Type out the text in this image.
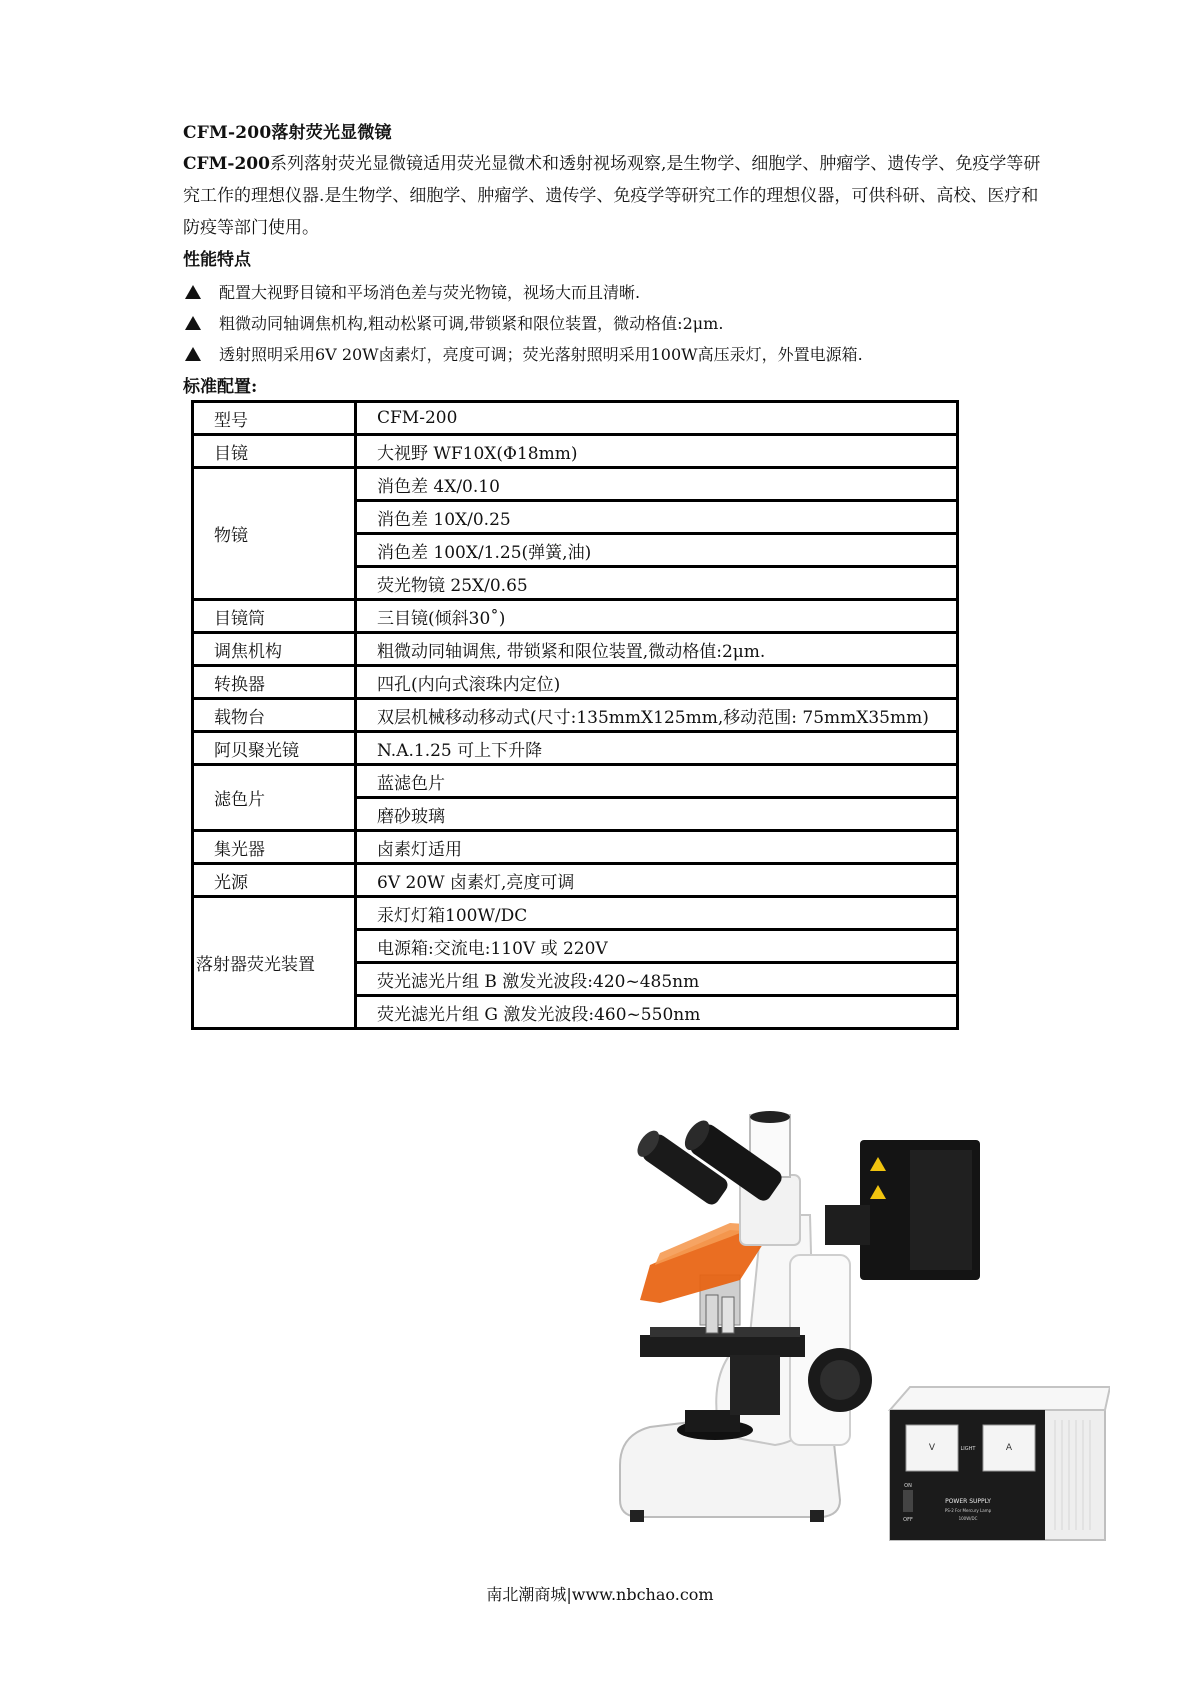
CFM-200落射荧光显微镜
CFM-200系列落射荧光显微镜适用荧光显微术和透射视场观察,是生物学、细胞学、肿瘤学、遗传学、免疫学等研究工作的理想仪器.是生物学、细胞学、肿瘤学、遗传学、免疫学等研究工作的理想仪器，可供科研、高校、医疗和防疫等部门使用。
性能特点
配置大视野目镜和平场消色差与荧光物镜，视场大而且清晰.
粗微动同轴调焦机构,粗动松紧可调,带锁紧和限位装置，微动格值:2μm.
透射照明采用6V 20W卤素灯，亮度可调；荧光落射照明采用100W高压汞灯，外置电源箱.
标准配置:
型号	CFM-200
目镜	大视野 WF10X(Φ18mm)
物镜	消色差 4X/0.10
	消色差 10X/0.25
	消色差 100X/1.25(弹簧,油)
	荧光物镜 25X/0.65
目镜筒	三目镜(倾斜30˚)
调焦机构	粗微动同轴调焦, 带锁紧和限位装置,微动格值:2μm.
转换器	四孔(内向式滚珠内定位)
载物台	双层机械移动移动式(尺寸:135mmX125mm,移动范围: 75mmX35mm)
阿贝聚光镜	N.A.1.25 可上下升降
滤色片	蓝滤色片
	磨砂玻璃
集光器	卤素灯适用
光源	6V 20W 卤素灯,亮度可调
落射器荧光装置	汞灯灯箱100W/DC
	电源箱:交流电:110V 或 220V
	荧光滤光片组 B 激发光波段:420~485nm
	荧光滤光片组 G 激发光波段:460~550nm
V	A
LIGHT
ON
OFF
POWER SUPPLY
PS-2 For Mercury Lamp
100W/DC
南北潮商城|www.nbchao.com
